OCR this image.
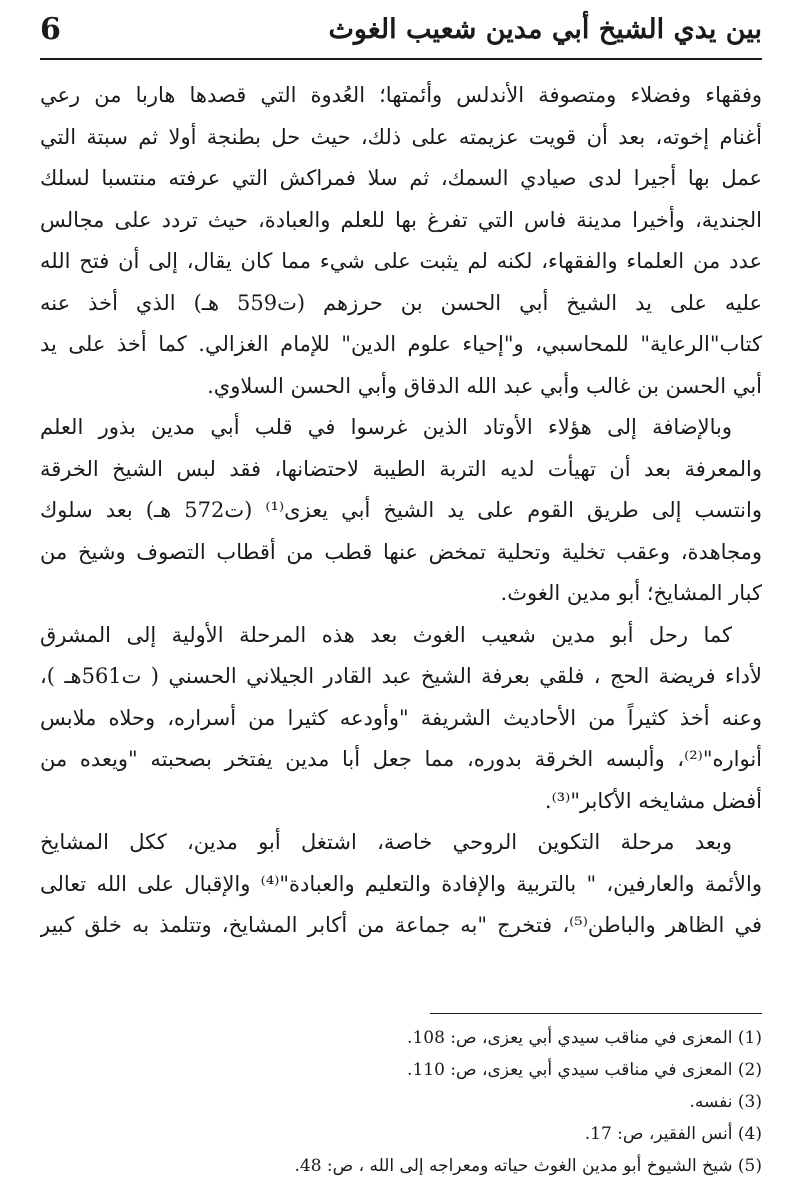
بين يدي الشيخ أبي مدين شعيب الغوث
6
وفقهاء وفضلاء ومتصوفة الأندلس وأئمتها؛ العُدوة التي قصدها هاربا من رعي
أغنام إخوته، بعد أن قويت عزيمته على ذلك، حيث حل بطنجة أولا ثم سبتة التي
عمل بها أجيرا لدى صيادي السمك، ثم سلا فمراكش التي عرفته منتسبا لسلك
الجندية، وأخيرا مدينة فاس التي تفرغ بها للعلم والعبادة، حيث تردد على مجالس
عدد من العلماء والفقهاء، لكنه لم يثبت على شيء مما كان يقال، إلى أن فتح الله
عليه على يد الشيخ أبي الحسن بن حرزهم (ت559 هـ) الذي أخذ عنه
كتاب"الرعاية" للمحاسبي، و"إحياء علوم الدين" للإمام الغزالي. كما أخذ على يد
أبي الحسن بن غالب وأبي عبد الله الدقاق وأبي الحسن السلاوي.
وبالإضافة إلى هؤلاء الأوتاد الذين غرسوا في قلب أبي مدين بذور العلم
والمعرفة بعد أن تهيأت لديه التربة الطيبة لاحتضانها، فقد لبس الشيخ الخرقة
وانتسب إلى طريق القوم على يد الشيخ أبي يعزى⁽¹⁾ (ت572 هـ) بعد سلوك
ومجاهدة، وعقب تخلية وتحلية تمخض عنها قطب من أقطاب التصوف وشيخ من
كبار المشايخ؛ أبو مدين الغوث.
كما رحل أبو مدين شعيب الغوث بعد هذه المرحلة الأولية إلى المشرق
لأداء فريضة الحج ، فلقي بعرفة الشيخ عبد القادر الجيلاني الحسني ( ت561هـ )،
وعنه أخذ كثيراً من الأحاديث الشريفة "وأودعه كثيرا من أسراره، وحلاه ملابس
أنواره"⁽²⁾، وألبسه الخرقة بدوره، مما جعل أبا مدين يفتخر بصحبته "ويعده من
أفضل مشايخه الأكابر"⁽³⁾.
وبعد مرحلة التكوين الروحي خاصة، اشتغل أبو مدين، ككل المشايخ
والأئمة والعارفين، " بالتربية والإفادة والتعليم والعبادة"⁽⁴⁾ والإقبال على الله تعالى
في الظاهر والباطن⁽⁵⁾، فتخرج "به جماعة من أكابر المشايخ، وتتلمذ به خلق كبير
(1) المعزى في مناقب سيدي أبي يعزى، ص: 108.
(2) المعزى في مناقب سيدي أبي يعزى، ص: 110.
(3) نفسه.
(4) أنس الفقير، ص: 17.
(5) شيخ الشيوخ أبو مدين الغوث حياته ومعراجه إلى الله ، ص: 48.
